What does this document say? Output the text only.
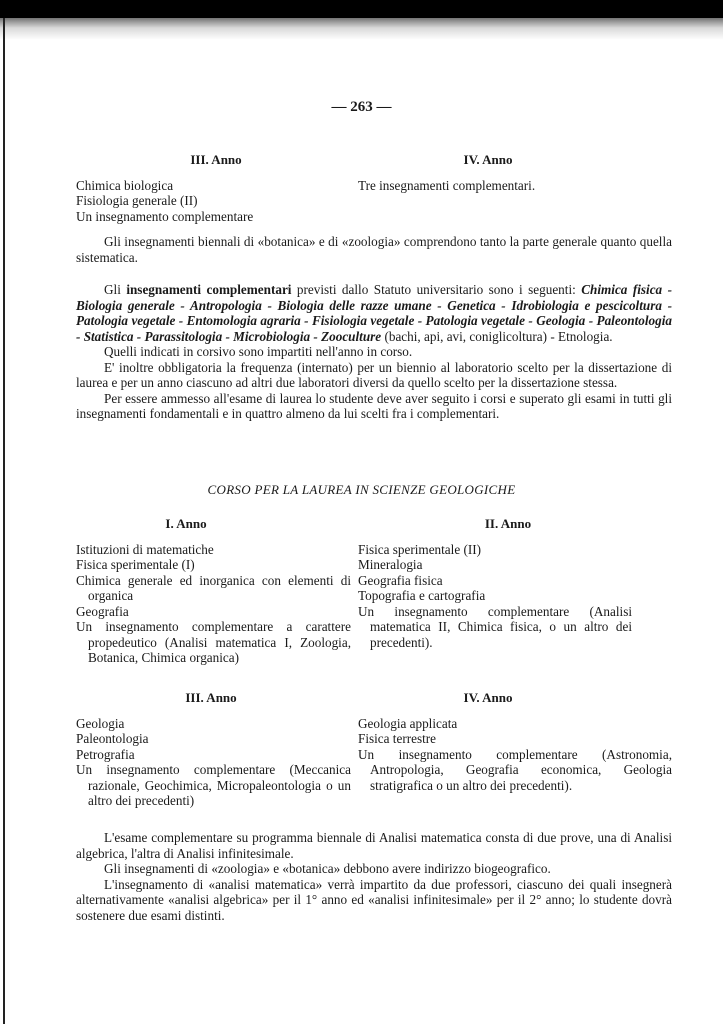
— 263 —
III. Anno
Chimica biologica
Fisiologia generale (II)
Un insegnamento complementare
IV. Anno
Tre insegnamenti complementari.

Gli insegnamenti biennali di «botanica» e di «zoologia» comprendono tanto la parte generale quanto quella sistematica.

Gli insegnamenti complementari previsti dallo Statuto universitario sono i seguenti: Chimica fisica -Biologia generale - Antropologia - Biologia delle razze umane - Genetica - Idrobiologia e pescicoltura - Patologia vegetale - Entomologia agraria - Fisiologia vegetale - Patologia vegetale - Geologia - Paleontologia - Statistica - Parassitologia - Microbiologia - Zooculture (bachi, api, avi, coniglicoltura) - Etnologia.

Quelli indicati in corsivo sono impartiti nell'anno in corso.

E' inoltre obbligatoria la frequenza (internato) per un biennio al laboratorio scelto per la dissertazione di laurea e per un anno ciascuno ad altri due laboratori diversi da quello scelto per la dissertazione stessa.

Per essere ammesso all'esame di laurea lo studente deve aver seguito i corsi e superato gli esami in tutti gli insegnamenti fondamentali e in quattro almeno da lui scelti fra i complementari.

CORSO PER LA LAUREA IN SCIENZE GEOLOGICHE
I. Anno
Istituzioni di matematiche
Fisica sperimentale (I)
Chimica generale ed inorganica con elementi di organica
Geografia
Un insegnamento complementare a carattere propedeutico (Analisi matematica I, Zoologia, Botanica, Chimica organica)
II. Anno
Fisica sperimentale (II)
Mineralogia
Geografia fisica
Topografia e cartografia
Un insegnamento complementare (Analisi matematica II, Chimica fisica, o un altro dei precedenti).
III. Anno
Geologia
Paleontologia
Petrografia
Un insegnamento complementare (Meccanica razionale, Geochimica, Micropaleontologia o un altro dei precedenti)
IV. Anno
Geologia applicata
Fisica terrestre
Un insegnamento complementare (Astronomia, Antropologia, Geografia economica, Geologia stratigrafica o un altro dei precedenti).

L'esame complementare su programma biennale di Analisi matematica consta di due prove, una di Analisi algebrica, l'altra di Analisi infinitesimale.

Gli insegnamenti di «zoologia» e «botanica» debbono avere indirizzo biogeografico.

L'insegnamento di «analisi matematica» verrà impartito da due professori, ciascuno dei quali insegnerà alternativamente «analisi algebrica» per il 1° anno ed «analisi infinitesimale» per il 2° anno; lo studente dovrà sostenere due esami distinti.
